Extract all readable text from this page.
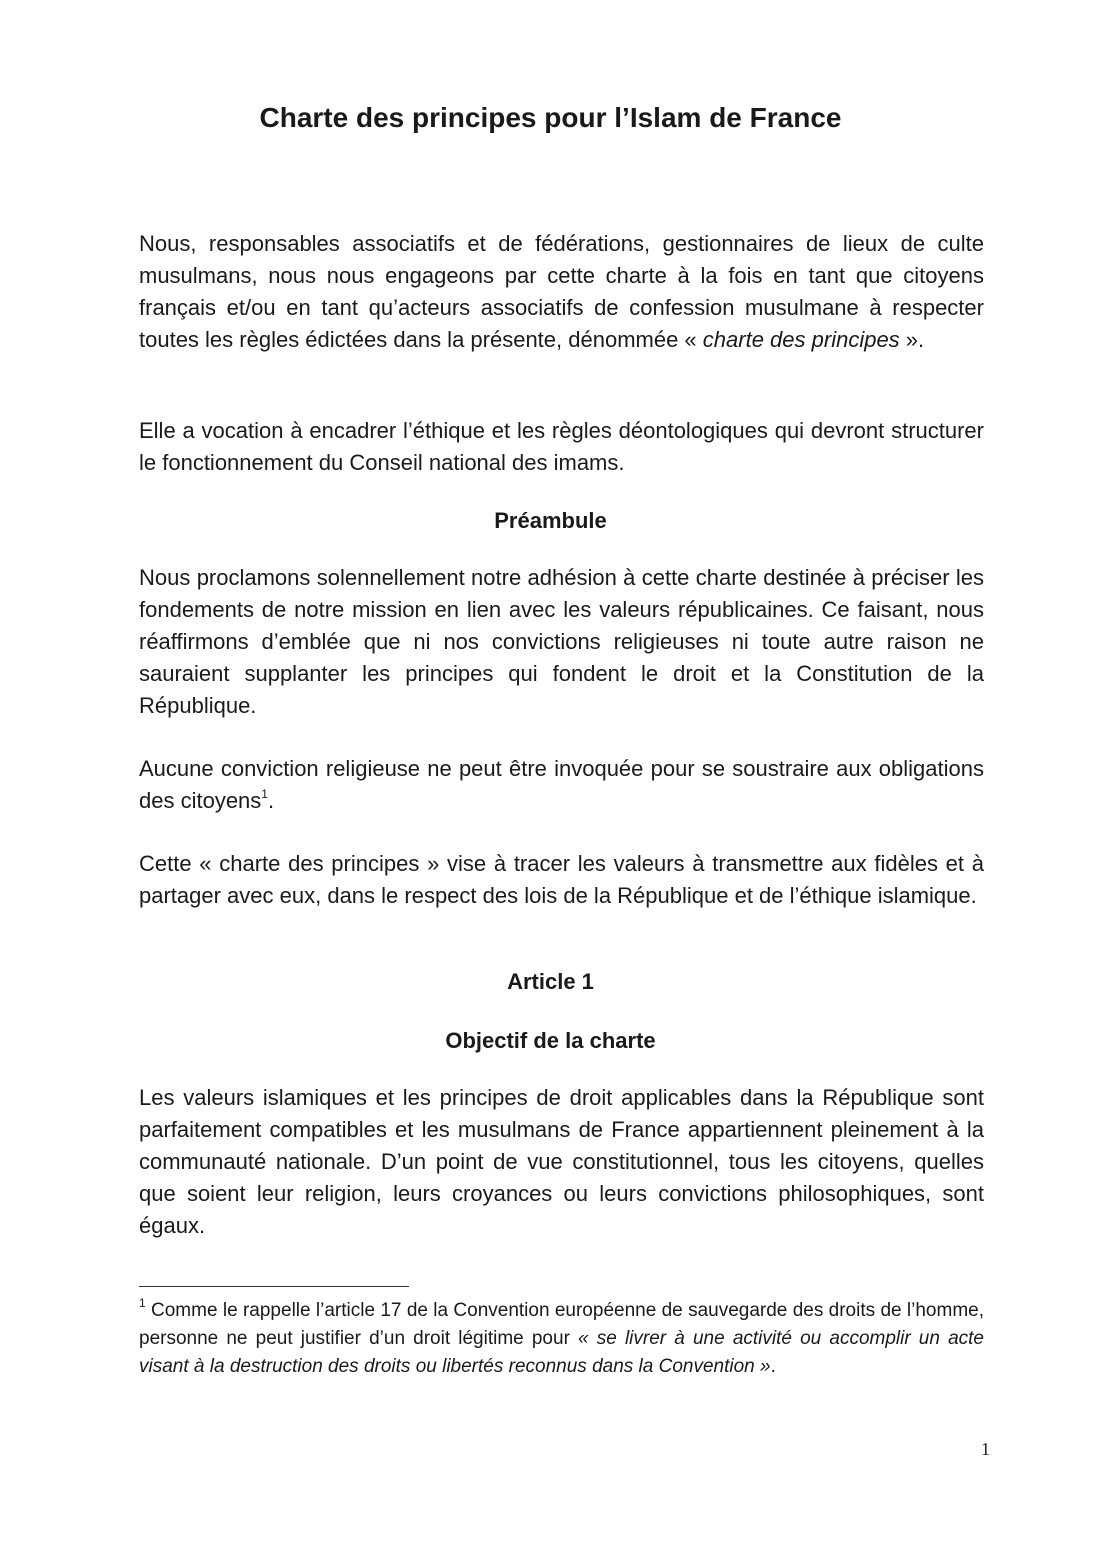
Charte des principes pour l’Islam de France

Nous, responsables associatifs et de fédérations, gestionnaires de lieux de culte musulmans, nous nous engageons par cette charte à la fois en tant que citoyens français et/ou en tant qu’acteurs associatifs de confession musulmane à respecter toutes les règles édictées dans la présente, dénommée « charte des principes ».

Elle a vocation à encadrer l’éthique et les règles déontologiques qui devront structurer le fonctionnement du Conseil national des imams.

Préambule

Nous proclamons solennellement notre adhésion à cette charte destinée à préciser les fondements de notre mission en lien avec les valeurs républicaines. Ce faisant, nous réaffirmons d’emblée que ni nos convictions religieuses ni toute autre raison ne sauraient supplanter les principes qui fondent le droit et la Constitution de la République.

Aucune conviction religieuse ne peut être invoquée pour se soustraire aux obligations des citoyens$^1$.

Cette « charte des principes » vise à tracer les valeurs à transmettre aux fidèles et à partager avec eux, dans le respect des lois de la République et de l’éthique islamique.

Article 1
Objectif de la charte

Les valeurs islamiques et les principes de droit applicables dans la République sont parfaitement compatibles et les musulmans de France appartiennent pleinement à la communauté nationale. D’un point de vue constitutionnel, tous les citoyens, quelles que soient leur religion, leurs croyances ou leurs convictions philosophiques, sont égaux.

$^1$ Comme le rappelle l’article 17 de la Convention européenne de sauvegarde des droits de l’homme, personne ne peut justifier d’un droit légitime pour « se livrer à une activité ou accomplir un acte visant à la destruction des droits ou libertés reconnus dans la Convention ».

1
